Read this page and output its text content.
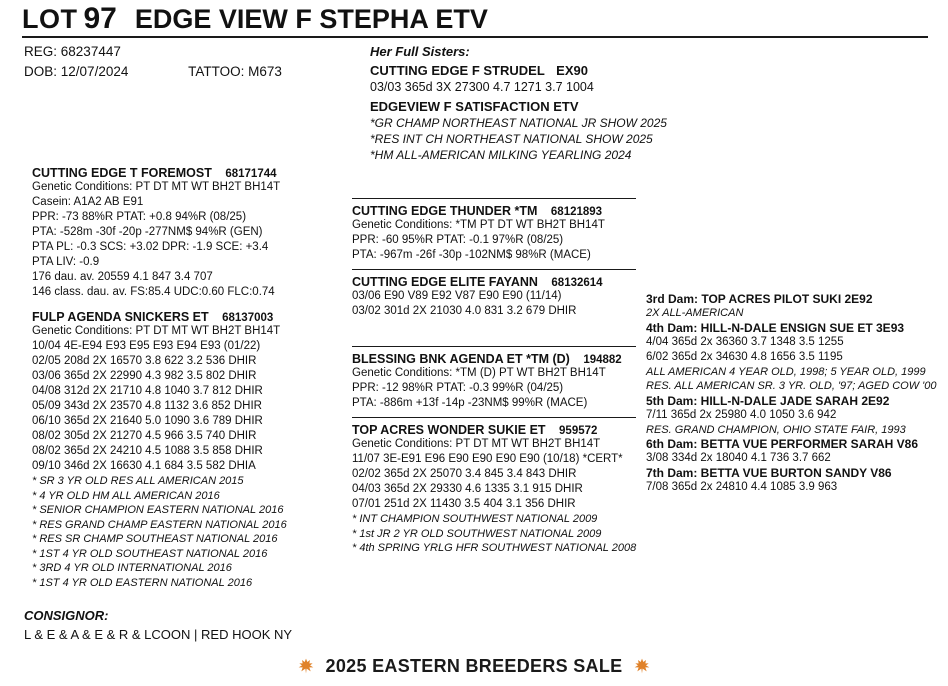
LOT 97 EDGE VIEW F STEPHA ETV
REG: 68237447
DOB: 12/07/2024	TATTOO: M673
Her Full Sisters:
CUTTING EDGE F STRUDEL EX90
03/03 365d 3X 27300 4.7 1271 3.7 1004
EDGEVIEW F SATISFACTION ETV
*GR CHAMP NORTHEAST NATIONAL JR SHOW 2025
*RES INT CH NORTHEAST NATIONAL SHOW 2025
*HM ALL-AMERICAN MILKING YEARLING 2024
CUTTING EDGE T FOREMOST 68171744
Genetic Conditions: PT DT MT WT BH2T BH14T
Casein: A1A2 AB E91
PPR: -73 88%R PTAT: +0.8 94%R (08/25)
PTA: -528m -30f -20p -277NM$ 94%R (GEN)
PTA PL: -0.3 SCS: +3.02 DPR: -1.9 SCE: +3.4
PTA LIV: -0.9
176 dau. av. 20559 4.1 847 3.4 707
146 class. dau. av. FS:85.4 UDC:0.60 FLC:0.74
FULP AGENDA SNICKERS ET 68137003
Genetic Conditions: PT DT MT WT BH2T BH14T
10/04 4E-E94 E93 E95 E93 E94 E93 (01/22)
02/05 208d 2X 16570 3.8 622 3.2 536 DHIR
03/06 365d 2X 22990 4.3 982 3.5 802 DHIR
04/08 312d 2X 21710 4.8 1040 3.7 812 DHIR
05/09 343d 2X 23570 4.8 1132 3.6 852 DHIR
06/10 365d 2X 21640 5.0 1090 3.6 789 DHIR
08/02 305d 2X 21270 4.5 966 3.5 740 DHIR
08/02 365d 2X 24210 4.5 1088 3.5 858 DHIR
09/10 346d 2X 16630 4.1 684 3.5 582 DHIA
* SR 3 YR OLD RES ALL AMERICAN 2015
* 4 YR OLD HM ALL AMERICAN 2016
* SENIOR CHAMPION EASTERN NATIONAL 2016
* RES GRAND CHAMP EASTERN NATIONAL 2016
* RES SR CHAMP SOUTHEAST NATIONAL 2016
* 1ST 4 YR OLD SOUTHEAST NATIONAL 2016
* 3RD 4 YR OLD INTERNATIONAL 2016
* 1ST 4 YR OLD EASTERN NATIONAL 2016
CUTTING EDGE THUNDER *TM 68121893
Genetic Conditions: *TM PT DT WT BH2T BH14T
PPR: -60 95%R PTAT: -0.1 97%R (08/25)
PTA: -967m -26f -30p -102NM$ 98%R (MACE)
CUTTING EDGE ELITE FAYANN 68132614
03/06 E90 V89 E92 V87 E90 E90 (11/14)
03/02 301d 2X 21030 4.0 831 3.2 679 DHIR
BLESSING BNK AGENDA ET *TM (D) 194882
Genetic Conditions: *TM (D) PT WT BH2T BH14T
PPR: -12 98%R PTAT: -0.3 99%R (04/25)
PTA: -886m +13f -14p -23NM$ 99%R (MACE)
TOP ACRES WONDER SUKIE ET 959572
Genetic Conditions: PT DT MT WT BH2T BH14T
11/07 3E-E91 E96 E90 E90 E90 E90 (10/18) *CERT*
02/02 365d 2X 25070 3.4 845 3.4 843 DHIR
04/03 365d 2X 29330 4.6 1335 3.1 915 DHIR
07/01 251d 2X 11430 3.5 404 3.1 356 DHIR
* INT CHAMPION SOUTHWEST NATIONAL 2009
* 1st JR 2 YR OLD SOUTHWEST NATIONAL 2009
* 4th SPRING YRLG HFR SOUTHWEST NATIONAL 2008
3rd Dam: TOP ACRES PILOT SUKI 2E92
2X ALL-AMERICAN
4th Dam: HILL-N-DALE ENSIGN SUE ET 3E93
4/04 365d 2x 36360 3.7 1348 3.5 1255
6/02 365d 2x 34630 4.8 1656 3.5 1195
ALL AMERICAN 4 YEAR OLD, 1998; 5 YEAR OLD, 1999
RES. ALL AMERICAN SR. 3 YR. OLD, '97; AGED COW '00
5th Dam: HILL-N-DALE JADE SARAH 2E92
7/11 365d 2x 25980 4.0 1050 3.6 942
RES. GRAND CHAMPION, OHIO STATE FAIR, 1993
6th Dam: BETTA VUE PERFORMER SARAH V86
3/08 334d 2x 18040 4.1 736 3.7 662
7th Dam: BETTA VUE BURTON SANDY V86
7/08 365d 2x 24810 4.4 1085 3.9 963
CONSIGNOR:
L & E & A & E & R & LCOON | RED HOOK NY
2025 EASTERN BREEDERS SALE
